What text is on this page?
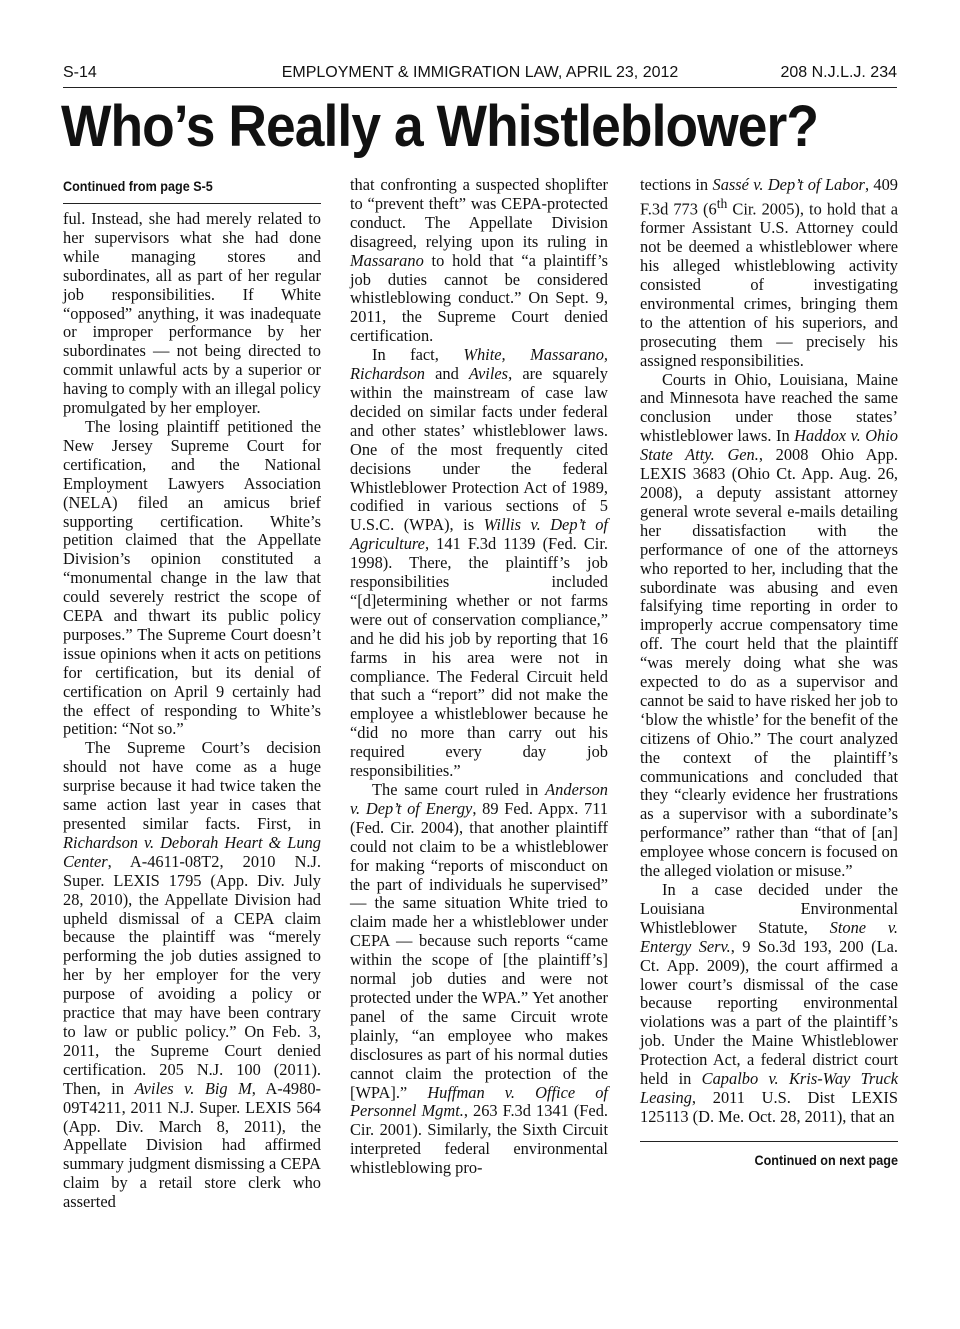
S-14	EMPLOYMENT & IMMIGRATION LAW, APRIL 23, 2012	208 N.J.L.J. 234
Who’s Really a Whistleblower?

Continued from page S-5

ful. Instead, she had merely related to her supervisors what she had done while managing stores and subordinates, all as part of her regular job responsibilities. If White “opposed” anything, it was inadequate or improper performance by her subordinates — not being directed to commit unlawful acts by a superior or having to comply with an illegal policy promulgated by her employer.

The losing plaintiff petitioned the New Jersey Supreme Court for certification, and the National Employment Lawyers Association (NELA) filed an amicus brief supporting certification. White’s petition claimed that the Appellate Division’s opinion constituted a “monumental change in the law that could severely restrict the scope of CEPA and thwart its public policy purposes.” The Supreme Court doesn’t issue opinions when it acts on petitions for certification, but its denial of certification on April 9 certainly had the effect of responding to White’s petition: “Not so.”

The Supreme Court’s decision should not have come as a huge surprise because it had twice taken the same action last year in cases that presented similar facts. First, in Richardson v. Deborah Heart & Lung Center, A-4611-08T2, 2010 N.J. Super. LEXIS 1795 (App. Div. July 28, 2010), the Appellate Division had upheld dismissal of a CEPA claim because the plaintiff was “merely performing the job duties assigned to her by her employer for the very purpose of avoiding a policy or practice that may have been contrary to law or public policy.” On Feb. 3, 2011, the Supreme Court denied certification. 205 N.J. 100 (2011). Then, in Aviles v. Big M, A-4980-09T4211, 2011 N.J. Super. LEXIS 564 (App. Div. March 8, 2011), the Appellate Division had affirmed summary judgment dismissing a CEPA claim by a retail store clerk who asserted

that confronting a suspected shoplifter to “prevent theft” was CEPA-protected conduct. The Appellate Division disagreed, relying upon its ruling in Massarano to hold that “a plaintiff’s job duties cannot be considered whistleblowing conduct.” On Sept. 9, 2011, the Supreme Court denied certification.

In fact, White, Massarano, Richardson and Aviles, are squarely within the mainstream of case law decided on similar facts under federal and other states’ whistleblower laws. One of the most frequently cited decisions under the federal Whistleblower Protection Act of 1989, codified in various sections of 5 U.S.C. (WPA), is Willis v. Dep’t of Agriculture, 141 F.3d 1139 (Fed. Cir. 1998). There, the plaintiff’s job responsibilities included “[d]etermining whether or not farms were out of conservation compliance,” and he did his job by reporting that 16 farms in his area were not in compliance. The Federal Circuit held that such a “report” did not make the employee a whistleblower because he “did no more than carry out his required every day job responsibilities.”

The same court ruled in Anderson v. Dep’t of Energy, 89 Fed. Appx. 711 (Fed. Cir. 2004), that another plaintiff could not claim to be a whistleblower for making “reports of misconduct on the part of individuals he supervised” — the same situation White tried to claim made her a whistleblower under CEPA — because such reports “came within the scope of [the plaintiff’s] normal job duties and were not protected under the WPA.” Yet another panel of the same Circuit wrote plainly, “an employee who makes disclosures as part of his normal duties cannot claim the protection of the [WPA].” Huffman v. Office of Personnel Mgmt., 263 F.3d 1341 (Fed. Cir. 2001). Similarly, the Sixth Circuit interpreted federal environmental whistleblowing pro-

tections in Sassé v. Dep’t of Labor, 409 F.3d 773 (6th Cir. 2005), to hold that a former Assistant U.S. Attorney could not be deemed a whistleblower where his alleged whistleblowing activity consisted of investigating environmental crimes, bringing them to the attention of his superiors, and prosecuting them — precisely his assigned responsibilities.

Courts in Ohio, Louisiana, Maine and Minnesota have reached the same conclusion under those states’ whistleblower laws. In Haddox v. Ohio State Atty. Gen., 2008 Ohio App. LEXIS 3683 (Ohio Ct. App. Aug. 26, 2008), a deputy assistant attorney general wrote several e-mails detailing her dissatisfaction with the performance of one of the attorneys who reported to her, including that the subordinate was abusing and even falsifying time reporting in order to improperly accrue compensatory time off. The court held that the plaintiff “was merely doing what she was expected to do as a supervisor and cannot be said to have risked her job to ‘blow the whistle’ for the benefit of the citizens of Ohio.” The court analyzed the context of the plaintiff’s communications and concluded that they “clearly evidence her frustrations as a supervisor with a subordinate’s performance” rather than “that of [an] employee whose concern is focused on the alleged violation or misuse.”

In a case decided under the Louisiana Environmental Whistleblower Statute, Stone v. Entergy Serv., 9 So.3d 193, 200 (La. Ct. App. 2009), the court affirmed a lower court’s dismissal of the case because reporting environmental violations was a part of the plaintiff’s job. Under the Maine Whistleblower Protection Act, a federal district court held in Capalbo v. Kris-Way Truck Leasing, 2011 U.S. Dist LEXIS 125113 (D. Me. Oct. 28, 2011), that an

Continued on next page
